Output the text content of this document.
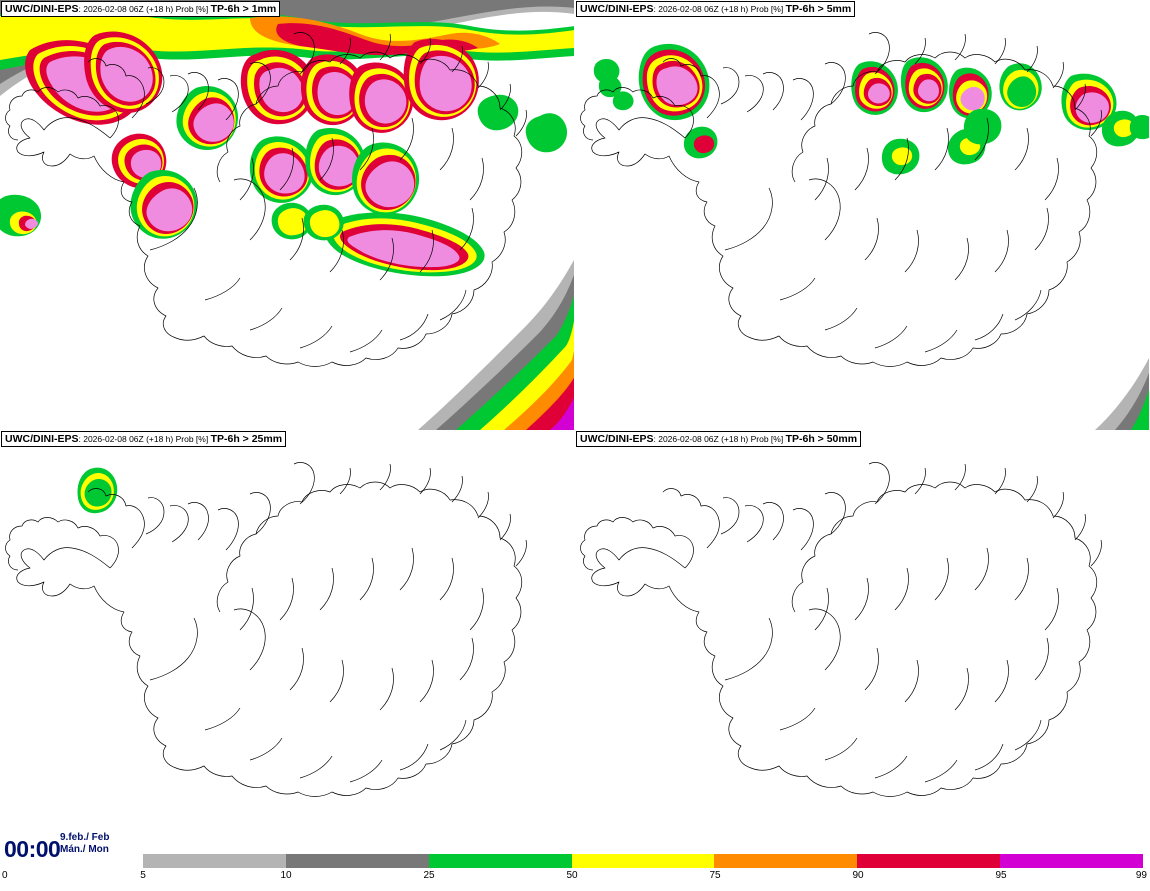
UWC/DINI-EPS: 2026-02-08 06Z (+18 h) Prob [%] TP-6h > 1mm	UWC/DINI-EPS: 2026-02-08 06Z (+18 h) Prob [%] TP-6h > 5mm
UWC/DINI-EPS: 2026-02-08 06Z (+18 h) Prob [%] TP-6h > 25mm	UWC/DINI-EPS: 2026-02-08 06Z (+18 h) Prob [%] TP-6h > 50mm
00:00 9.feb./ Feb
Mán./ Mon
0	5	10	25	50	75	90	95	99
